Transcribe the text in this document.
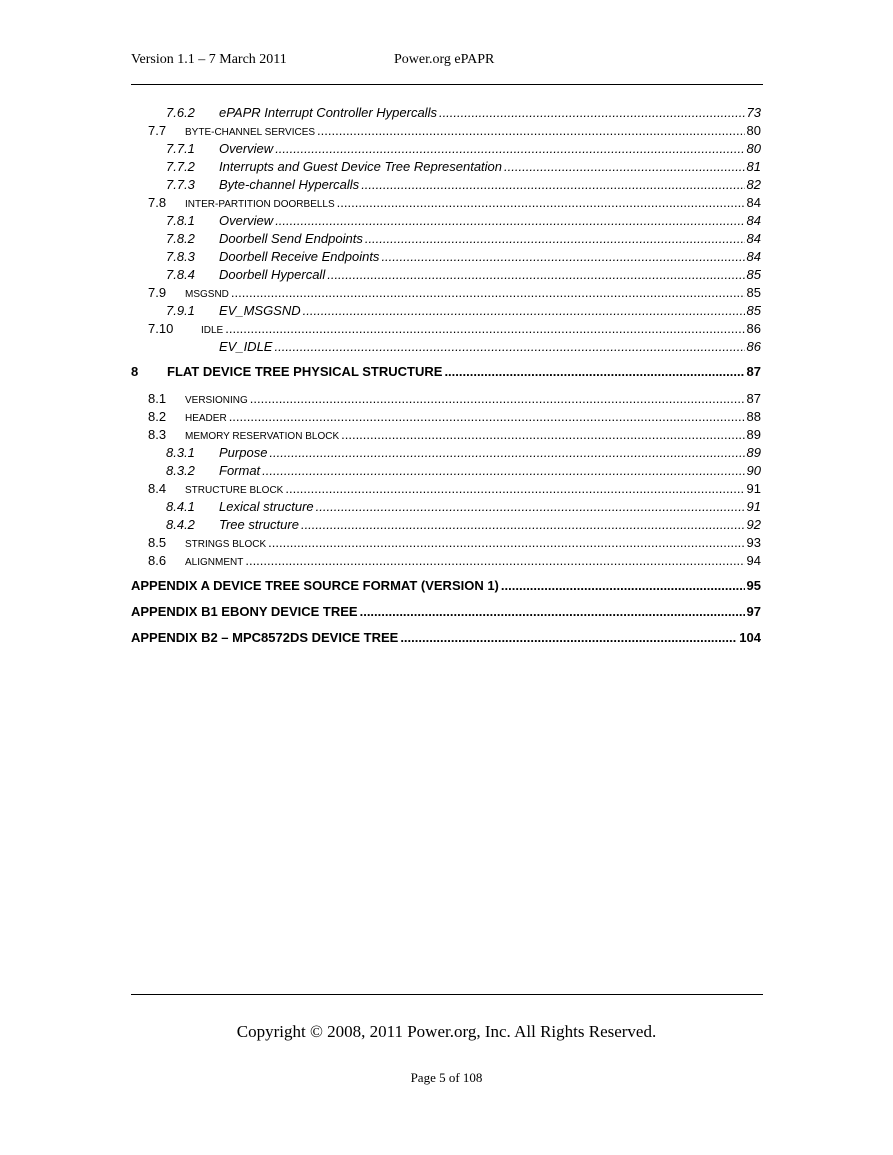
Version 1.1 – 7 March 2011	Power.org ePAPR
7.6.2	ePAPR Interrupt Controller Hypercalls .....	73
7.7	BYTE-CHANNEL SERVICES .....	80
7.7.1	Overview .....	80
7.7.2	Interrupts and Guest Device Tree Representation .....	81
7.7.3	Byte-channel Hypercalls .....	82
7.8	INTER-PARTITION DOORBELLS .....	84
7.8.1	Overview .....	84
7.8.2	Doorbell Send Endpoints .....	84
7.8.3	Doorbell Receive Endpoints .....	84
7.8.4	Doorbell Hypercall .....	85
7.9	MSGSND .....	85
7.9.1	EV_MSGSND .....	85
7.10	IDLE .....	86
EV_IDLE .....	86
8	FLAT DEVICE TREE PHYSICAL STRUCTURE .....	87
8.1	VERSIONING .....	87
8.2	HEADER .....	88
8.3	MEMORY RESERVATION BLOCK .....	89
8.3.1	Purpose .....	89
8.3.2	Format .....	90
8.4	STRUCTURE BLOCK .....	91
8.4.1	Lexical structure .....	91
8.4.2	Tree structure .....	92
8.5	STRINGS BLOCK .....	93
8.6	ALIGNMENT .....	94
APPENDIX A DEVICE TREE SOURCE FORMAT (VERSION 1) .....	95
APPENDIX B1 EBONY DEVICE TREE .....	97
APPENDIX B2 – MPC8572DS DEVICE TREE .....	104
Copyright © 2008, 2011 Power.org, Inc. All Rights Reserved.
Page 5 of 108
